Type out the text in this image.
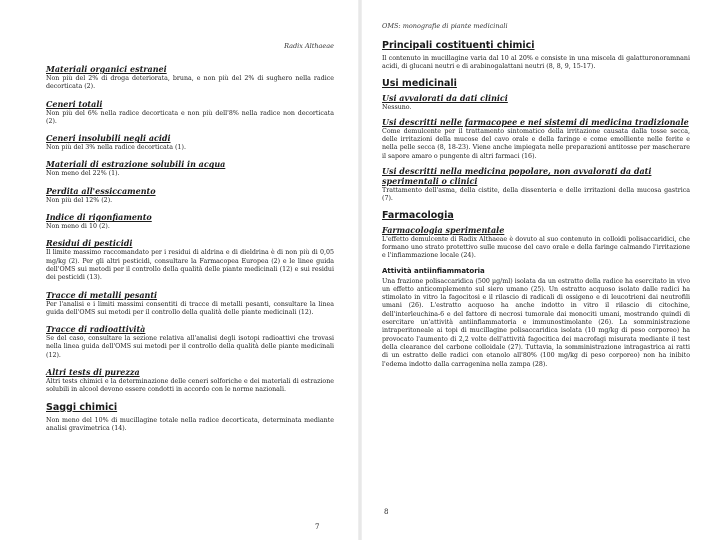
Radix Althaeae

Materiali organici estranei

Non più del 2% di droga deteriorata, bruna, e non più del 2% di sughero nella radice decorticata (2).

Ceneri totali

Non più del 6% nella radice decorticata e non più dell'8% nella radice non decorticata (2).

Ceneri insolubili negli acidi

Non più del 3% nella radice decorticata (1).

Materiali di estrazione solubili in acqua

Non meno del 22% (1).

Perdita all'essiccamento

Non più del 12% (2).

Indice di rigonfiamento

Non meno di 10 (2).

Residui di pesticidi

Il limite massimo raccomandato per i residui di aldrina e di dieldrina è di non più di 0,05 mg/kg (2). Per gli altri pesticidi, consultare la Farmacopea Europea (2) e le linee guida dell'OMS sui metodi per il controllo della qualità delle piante medicinali (12) e sui residui dei pesticidi (13).

Tracce di metalli pesanti

Per l'analisi e i limiti massimi consentiti di tracce di metalli pesanti, consultare la linea guida dell'OMS sui metodi per il controllo della qualità delle piante medicinali (12).

Tracce di radioattività

Se del caso, consultare la sezione relativa all'analisi degli isotopi radioattivi che trovasi nella linea guida dell'OMS sui metodi per il controllo della qualità delle piante medicinali (12).

Altri tests di purezza

Altri tests chimici e la determinazione delle ceneri solforiche e dei materiali di estrazione solubili in alcool devono essere condotti in accordo con le norme nazionali.

Saggi chimici

Non meno del 10% di mucillagine totale nella radice decorticata, determinata mediante analisi gravimetrica (14).

7

OMS: monografie di piante medicinali

Principali costituenti chimici

Il contenuto in mucillagine varia dal 10 al 20% e consiste in una miscela di galatturonoramnani acidi, di glucani neutri e di arabinogalattani neutri (8, 8, 9, 15-17).

Usi medicinali

Usi avvalorati da dati clinici

Nessuno.

Usi descritti nelle farmacopee e nei sistemi di medicina tradizionale

Come demulcente per il trattamento sintomatico della irritazione causata dalla tosse secca, delle irritazioni della mucose del cavo orale e della faringe e come emolliente nelle ferite e nella pelle secca (8, 18-23). Viene anche impiegata nelle preparazioni antitosse per mascherare il sapore amaro o pungente di altri farmaci (16).

Usi descritti nella medicina popolare, non avvalorati da dati sperimentali o clinici

Trattamento dell'asma, della cistite, della dissenteria e delle irritazioni della mucosa gastrica (7).

Farmacologia

Farmacologia sperimentale

L'effetto demulcente di Radix Althaeae è dovuto al suo contenuto in colloidi polisaccaridici, che formano uno strato protettivo sulle mucose del cavo orale e della faringe calmando l'irritazione e l'infiammazione locale (24).

Attività antiinfiammatoria

Una frazione polisaccaridica (500 µg/ml) isolata da un estratto della radice ha esercitato in vivo un effetto anticomplemento sul siero umano (25). Un estratto acquoso isolato dalle radici ha stimolato in vitro la fagocitosi e il rilascio di radicali di ossigeno e di leucotrieni dai neutrofili umani (26). L'estratto acquoso ha anche indotto in vitro il rilascio di citochine, dell'interleuchina-6 e del fattore di necrosi tumorale dai monociti umani, mostrando quindi di esercitare un'attività antiinfiammatoria e immunostimolante (26). La somministrazione intraperitoneale ai topi di mucillagine polisaccaridica isolata (10 mg/kg di peso corporeo) ha provocato l'aumento di 2,2 volte dell'attività fagocitica dei macrofagi misurata mediante il test della clearance del carbone colloidale (27). Tuttavia, la somministrazione intragastrica ai ratti di un estratto delle radici con etanolo all'80% (100 mg/kg di peso corporeo) non ha inibito l'edema indotto dalla carragenina nella zampa (28).

8
